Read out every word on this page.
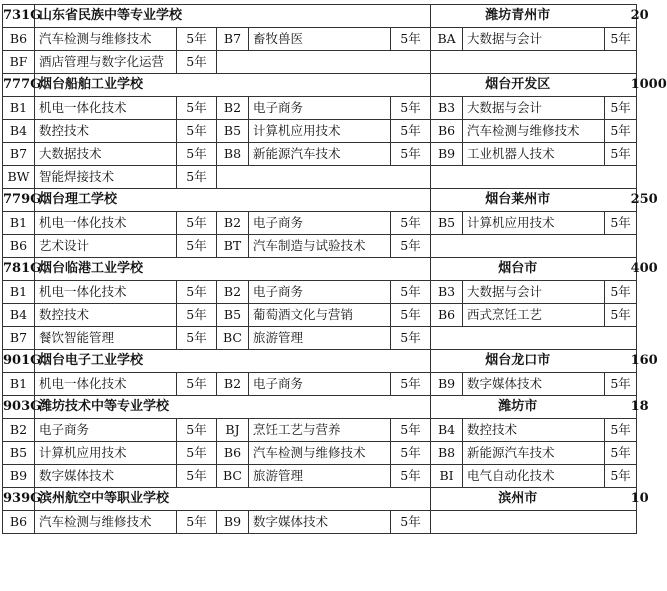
731G	山东省民族中等专业学校					潍坊青州市		20
B6	汽车检测与维修技术	5年	B7	畜牧兽医	5年	BA	大数据与会计	5年
BF	酒店管理与数字化运营	5年						
777G	烟台船舶工业学校					烟台开发区		1000
B1	机电一体化技术	5年	B2	电子商务	5年	B3	大数据与会计	5年
B4	数控技术	5年	B5	计算机应用技术	5年	B6	汽车检测与维修技术	5年
B7	大数据技术	5年	B8	新能源汽车技术	5年	B9	工业机器人技术	5年
BW	智能焊接技术	5年						
779G	烟台理工学校					烟台莱州市		250
B1	机电一体化技术	5年	B2	电子商务	5年	B5	计算机应用技术	5年
B6	艺术设计	5年	BT	汽车制造与试验技术	5年			
781G	烟台临港工业学校					烟台市		400
B1	机电一体化技术	5年	B2	电子商务	5年	B3	大数据与会计	5年
B4	数控技术	5年	B5	葡萄酒文化与营销	5年	B6	西式烹饪工艺	5年
B7	餐饮智能管理	5年	BC	旅游管理	5年			
901G	烟台电子工业学校					烟台龙口市		160
B1	机电一体化技术	5年	B2	电子商务	5年	B9	数字媒体技术	5年
903G	潍坊技术中等专业学校					潍坊市		18
B2	电子商务	5年	BJ	烹饪工艺与营养	5年	B4	数控技术	5年
B5	计算机应用技术	5年	B6	汽车检测与维修技术	5年	B8	新能源汽车技术	5年
B9	数字媒体技术	5年	BC	旅游管理	5年	BI	电气自动化技术	5年
939G	滨州航空中等职业学校					滨州市		10
B6	汽车检测与维修技术	5年	B9	数字媒体技术	5年			
